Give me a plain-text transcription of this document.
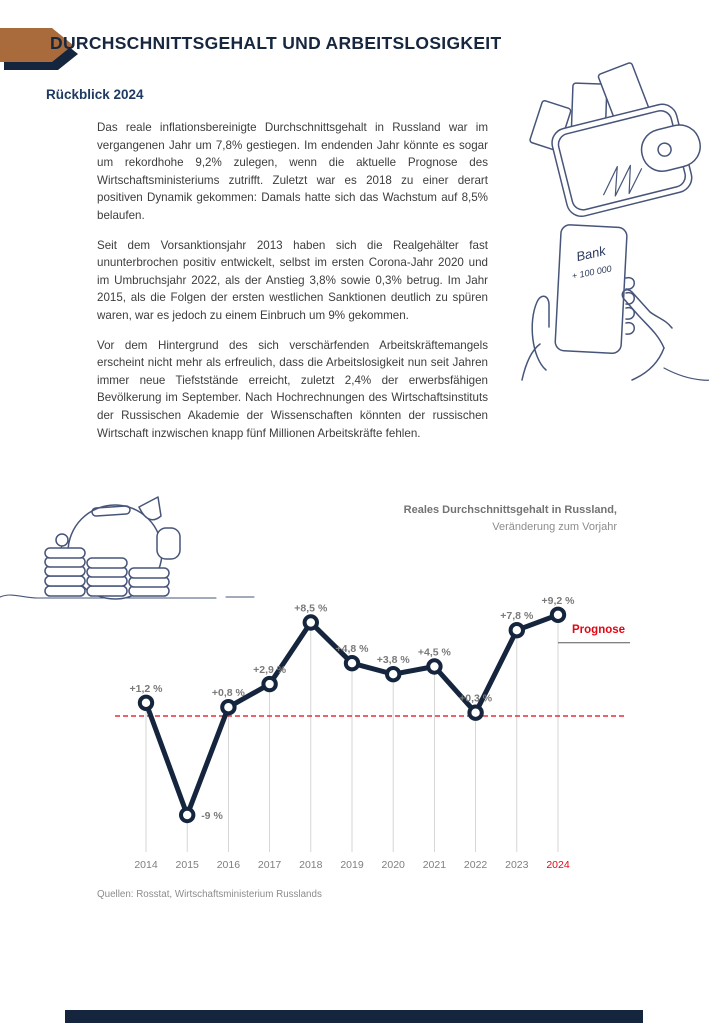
DURCHSCHNITTSGEHALT UND ARBEITSLOSIGKEIT
Rückblick 2024

Das reale inflationsbereinigte Durchschnittsgehalt in Russland war im vergangenen Jahr um 7,8% gestiegen. Im endenden Jahr könnte es sogar um rekordhohe 9,2% zulegen, wenn die aktuelle Prognose des Wirtschaftsministeriums zutrifft. Zuletzt war es 2018 zu einer derart positiven Dynamik gekommen: Damals hatte sich das Wachstum auf 8,5% belaufen.

Seit dem Vorsanktionsjahr 2013 haben sich die Realgehälter fast ununterbrochen positiv entwickelt, selbst im ersten Corona-Jahr 2020 und im Umbruchsjahr 2022, als der Anstieg 3,8% sowie 0,3% betrug. Im Jahr 2015, als die Folgen der ersten westlichen Sanktionen deutlich zu spüren waren, war es jedoch zu einem Einbruch um 9% gekommen.

Vor dem Hintergrund des sich verschärfenden Arbeitskräftemangels erscheint nicht mehr als erfreulich, dass die Arbeitslosigkeit nun seit Jahren immer neue Tiefststände erreicht, zuletzt 2,4% der erwerbsfähigen Bevölkerung im September. Nach Hochrechnungen des Wirtschaftsinstituts der Russischen Akademie der Wissenschaften könnten der russischen Wirtschaft inzwischen knapp fünf Millionen Arbeitskräfte fehlen.

Bank
+ 100 000
Reales Durchschnittsgehalt in Russland,
Veränderung zum Vorjahr
+1,2 %
-9 %
+0,8 %
+2,9 %
+8,5 %
+4,8 %
+3,8 %
+4,5 %
+0,3 %
+7,8 %
+9,2 %
Prognose
2014 2015 2016 2017 2018 2019 2020 2021 2022 2023 2024
Quellen: Rosstat, Wirtschaftsministerium Russlands
